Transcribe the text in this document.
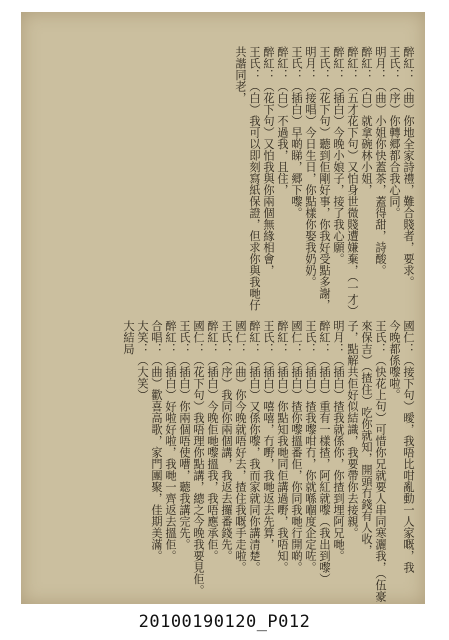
醉紅：（曲）你地全家詩禮，難合賤者，要求。
王氏：（序）你轉郷都合我心同。
明月：（曲）小姐你快蓋茶，蓋得甜，詩酸。
醉紅：（白）就拿碗林小姐，
醉紅：（五才花下句）又怕身世微賤遭嫌棄，（一才）
醉紅：（插白）今晚小娘子，接了我心願。
王氏：（花下句）聽到佢剛好事，你我好受點多謝，
明月：（接唱）今日生日，你點樣你娶我奶奶。
王氏：（插白）早啲睇，郷下嚟。
醉紅：（白）不過我，且住，
醉紅：（花下句）又怕我與你兩個無緣相會，
王氏：（白）我可以即刻寫紙保證，但求你與我哋仔
共諧同老，
國仁：（接下句）曖，我唔比咁亂動一人家嘅，我
今晚都係嚟啦。
王氏：（快花上句）可惜你兄就要人串同寒灑我，（伍豪
來保吉）（揸住）吃你就知，開頭冇錢有人收，
子，點解共佢好似結識，我要帶你去接親。
明月：（插白）揸我就係你，你揸到埋阿兄哋。
醉紅：（插白）重有一樣揸，阿紅就嚟（我出到嚟）
王氏：（插白）揸我嚟咁冇，你就喺嗰度企定咗。
國仁：（插白）揸你嚟搵番佢，你同我哋行開啲。
醉紅：（插白）你點知我哋同佢講過嘢，我唔知。
王氏：（插白）嘻嘻，冇嘢，我哋返去先算，
醉紅：（插白）又係你嚟，我而家就同你講清楚。
國仁：（曲）你今晚就唔好去，揸住我嘅手走啦。
王氏：（序）我同你兩個講，我返去攞番錢先。
醉紅：（插白）今晚佢哋嚟搵我，我唔應承佢。
國仁：（花下句）我唔理你點講，總之今晚我要見佢。
王氏：（插白）你兩個唔使嘈，聽我講完先。
醉紅：（插白）好啦好啦，我哋一齊返去搵佢。
合唱：（曲）歡喜高歌，家門團聚，佳期美滿。
大笑：（大笑）
大結局
20100190120_P012
